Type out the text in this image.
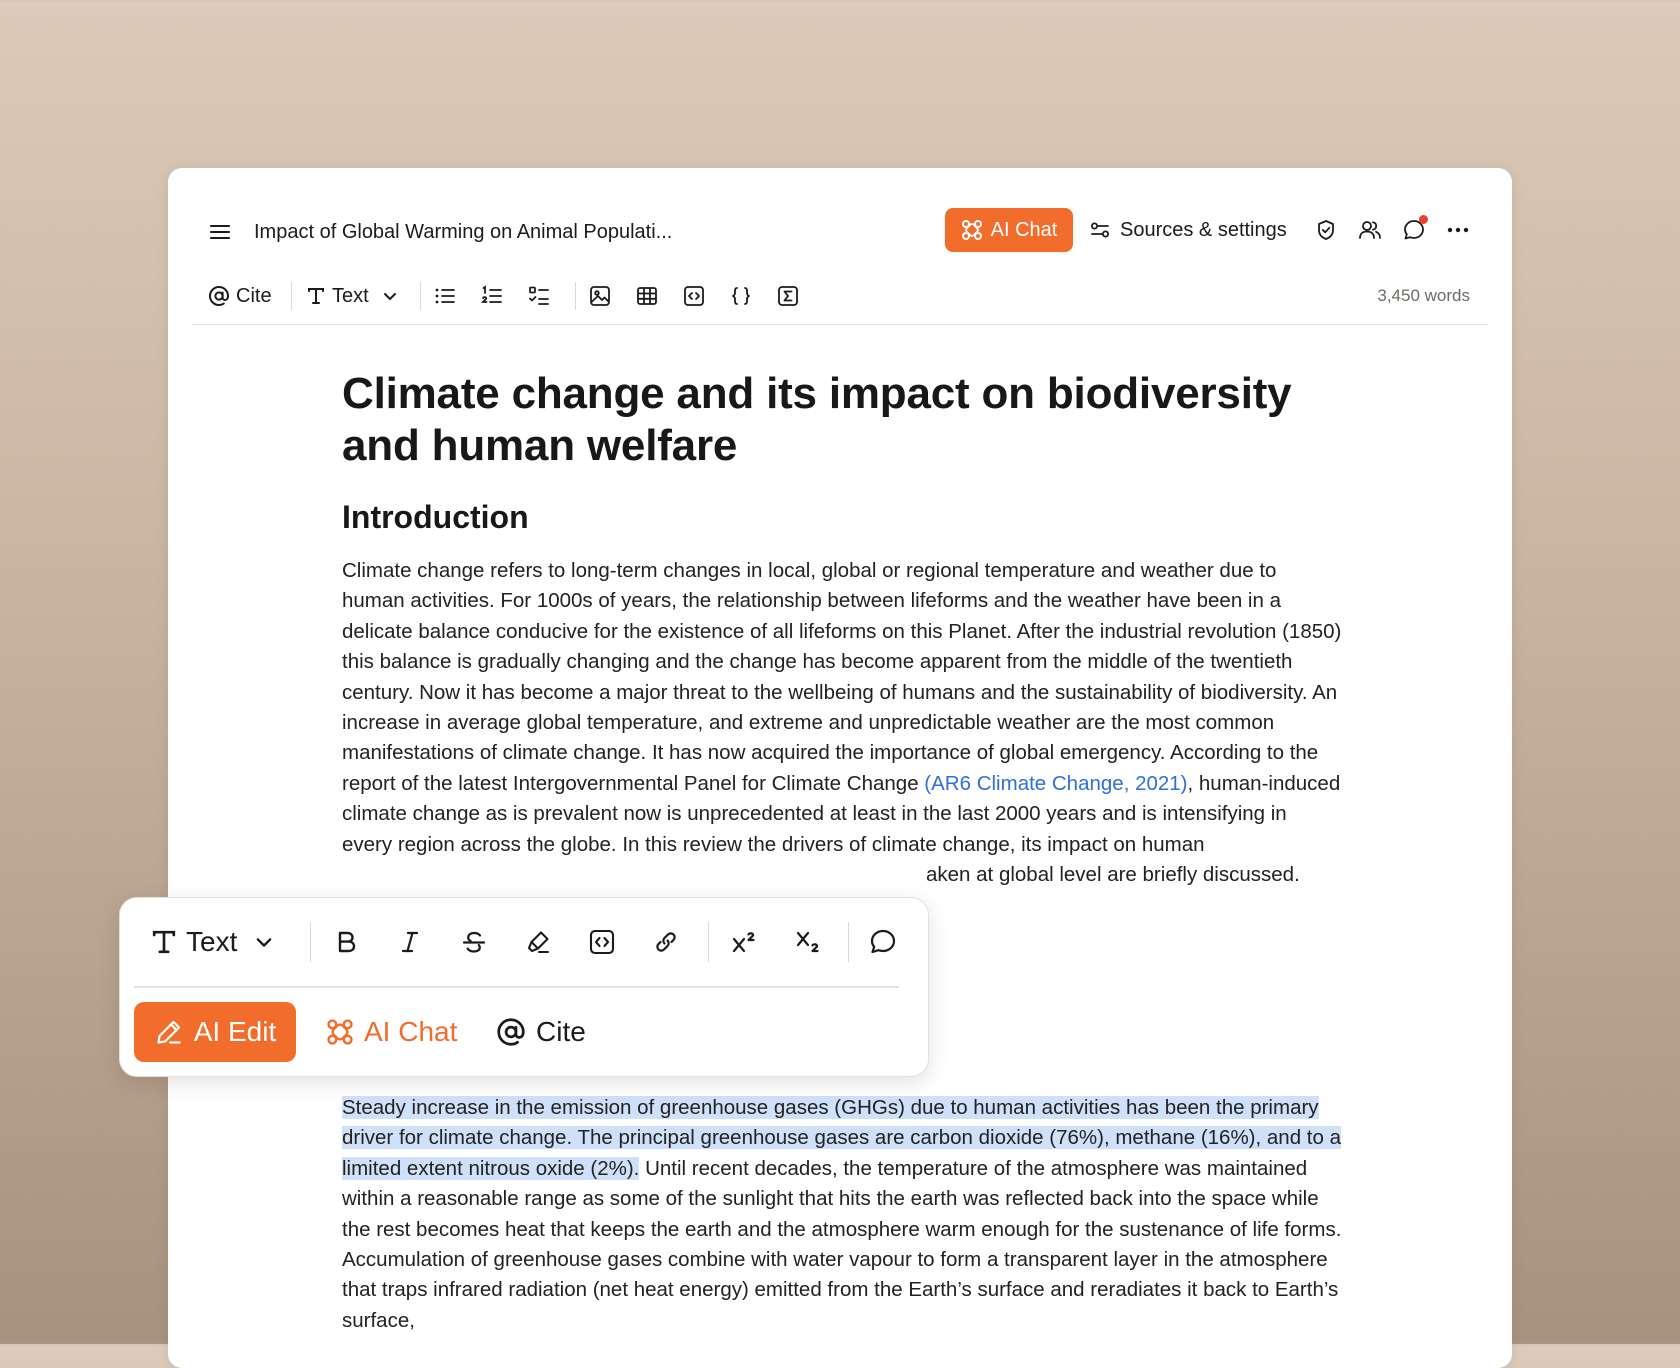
Impact of Global Warming on Animal Populati...	AI Chat	Sources & settings
Cite	Text	3,450 words
Climate change and its impact on biodiversity and human welfare
Introduction

Climate change refers to long-term changes in local, global or regional temperature and weather due to human activities. For 1000s of years, the relationship between lifeforms and the weather have been in a delicate balance conducive for the existence of all lifeforms on this Planet. After the industrial revolution (1850) this balance is gradually changing and the change has become apparent from the middle of the twentieth century. Now it has become a major threat to the wellbeing of humans and the sustainability of biodiversity. An increase in average global temperature, and extreme and unpredictable weather are the most common manifestations of climate change. It has now acquired the importance of global emergency. According to the report of the latest Intergovernmental Panel for Climate Change (AR6 Climate Change, 2021), human-induced climate change as is prevalent now is unprecedented at least in the last 2000 years and is intensifying in every region across the globe. In this review the drivers of climate change, its impact on human
aken at global level are briefly discussed.

Steady increase in the emission of greenhouse gases (GHGs) due to human activities has been the primary driver for climate change. The principal greenhouse gases are carbon dioxide (76%), methane (16%), and to a limited extent nitrous oxide (2%). Until recent decades, the temperature of the atmosphere was maintained within a reasonable range as some of the sunlight that hits the earth was reflected back into the space while the rest becomes heat that keeps the earth and the atmosphere warm enough for the sustenance of life forms. Accumulation of greenhouse gases combine with water vapour to form a transparent layer in the atmosphere that traps infrared radiation (net heat energy) emitted from the Earth’s surface and reradiates it back to Earth’s surface,

Text
AI Edit	AI Chat	Cite
